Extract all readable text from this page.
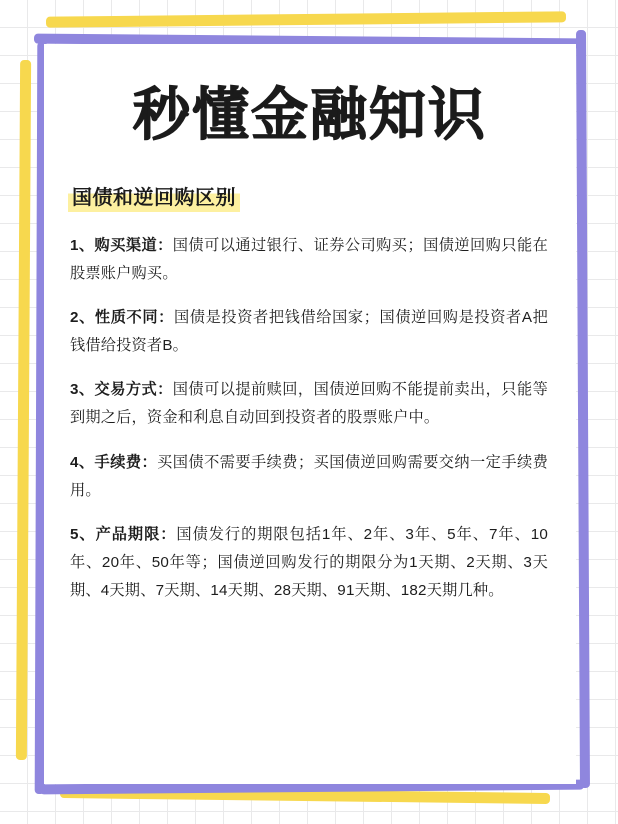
秒懂金融知识
国债和逆回购区别

1、购买渠道：国债可以通过银行、证券公司购买；国债逆回购只能在股票账户购买。

2、性质不同：国债是投资者把钱借给国家；国债逆回购是投资者A把钱借给投资者B。

3、交易方式：国债可以提前赎回，国债逆回购不能提前卖出，只能等到期之后，资金和利息自动回到投资者的股票账户中。

4、手续费：买国债不需要手续费；买国债逆回购需要交纳一定手续费用。

5、产品期限：国债发行的期限包括1年、2年、3年、5年、7年、10年、20年、50年等；国债逆回购发行的期限分为1天期、2天期、3天期、4天期、7天期、14天期、28天期、91天期、182天期几种。
